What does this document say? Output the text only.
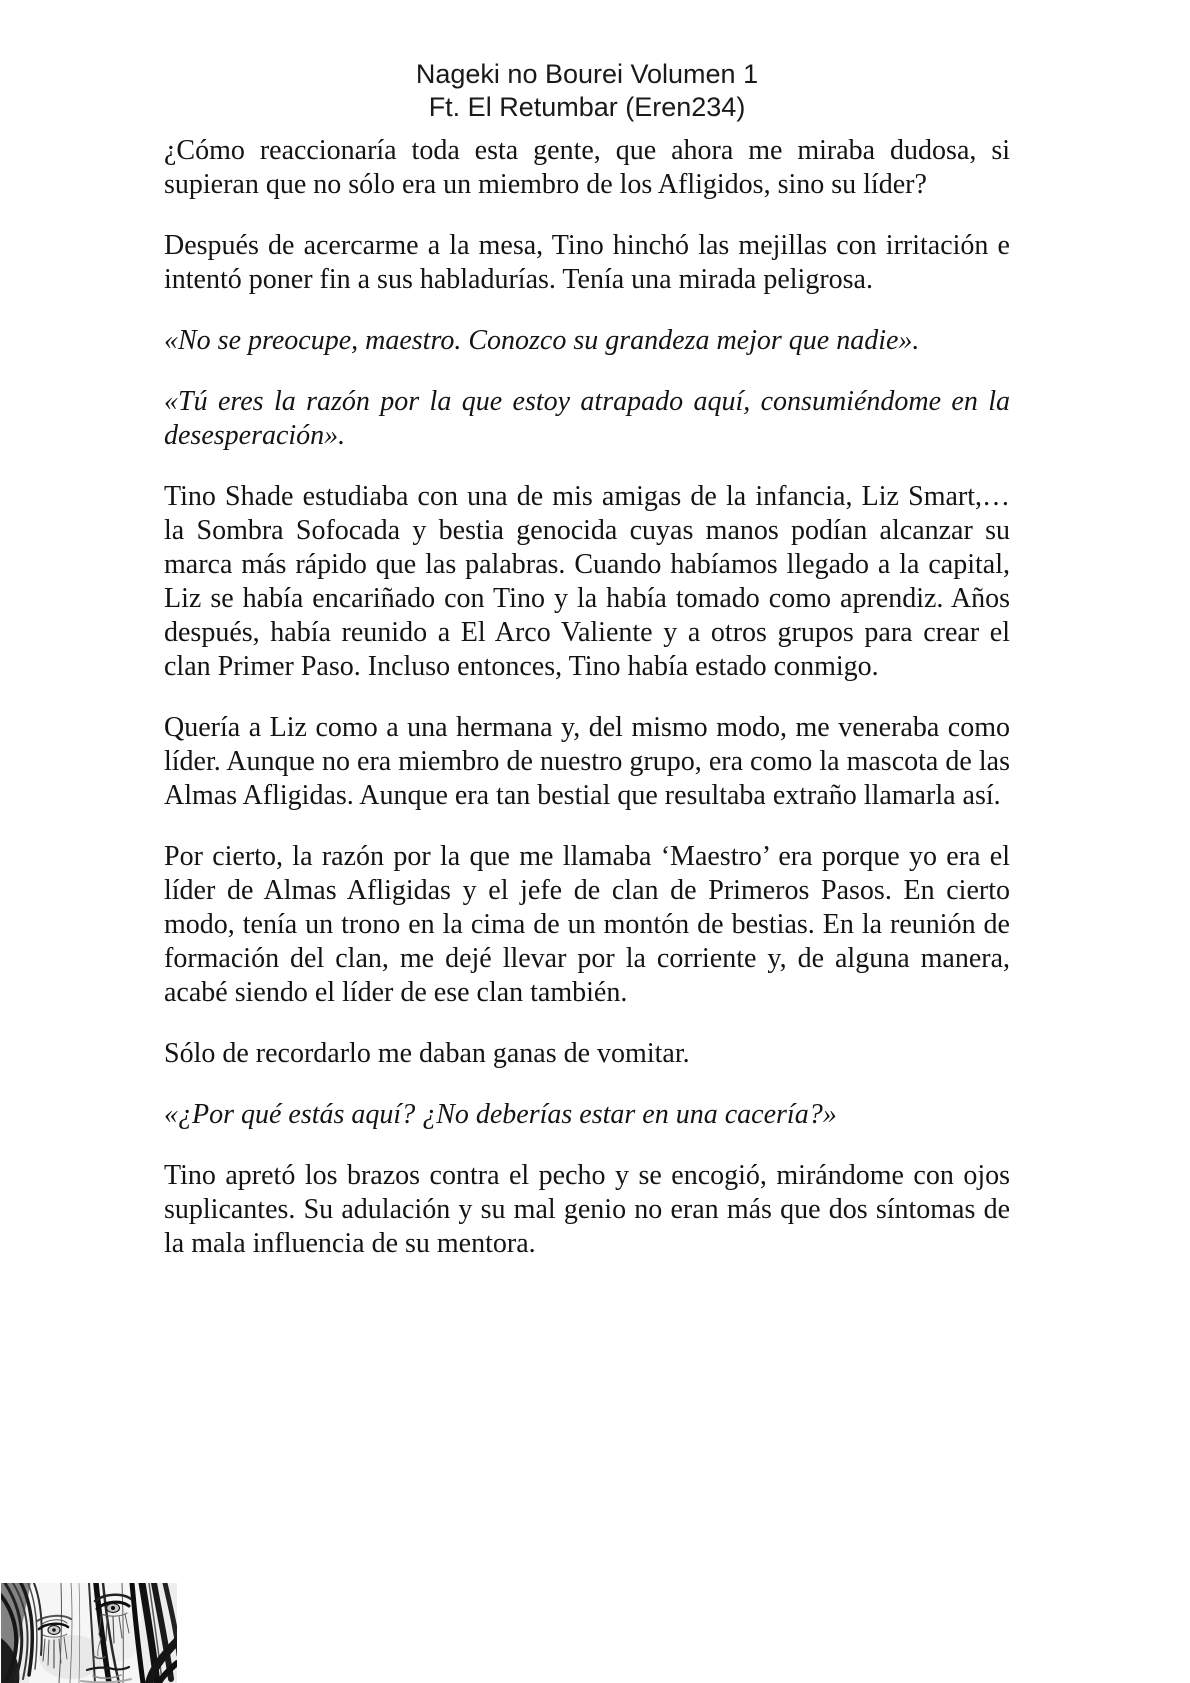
Nageki no Bourei Volumen 1
Ft. El Retumbar (Eren234)

¿Cómo reaccionaría toda esta gente, que ahora me miraba dudosa, si supieran que no sólo era un miembro de los Afligidos, sino su líder?

Después de acercarme a la mesa, Tino hinchó las mejillas con irritación e intentó poner fin a sus habladurías. Tenía una mirada peligrosa.

«No se preocupe, maestro. Conozco su grandeza mejor que nadie».

«Tú eres la razón por la que estoy atrapado aquí, consumiéndome en la desesperación».

Tino Shade estudiaba con una de mis amigas de la infancia, Liz Smart,… la Sombra Sofocada y bestia genocida cuyas manos podían alcanzar su marca más rápido que las palabras. Cuando habíamos llegado a la capital, Liz se había encariñado con Tino y la había tomado como aprendiz. Años después, había reunido a El Arco Valiente y a otros grupos para crear el clan Primer Paso. Incluso entonces, Tino había estado conmigo.

Quería a Liz como a una hermana y, del mismo modo, me veneraba como líder. Aunque no era miembro de nuestro grupo, era como la mascota de las Almas Afligidas. Aunque era tan bestial que resultaba extraño llamarla así.

Por cierto, la razón por la que me llamaba ‘Maestro’ era porque yo era el líder de Almas Afligidas y el jefe de clan de Primeros Pasos. En cierto modo, tenía un trono en la cima de un montón de bestias. En la reunión de formación del clan, me dejé llevar por la corriente y, de alguna manera, acabé siendo el líder de ese clan también.

Sólo de recordarlo me daban ganas de vomitar.

«¿Por qué estás aquí? ¿No deberías estar en una cacería?»

Tino apretó los brazos contra el pecho y se encogió, mirándome con ojos suplicantes. Su adulación y su mal genio no eran más que dos síntomas de la mala influencia de su mentora.
